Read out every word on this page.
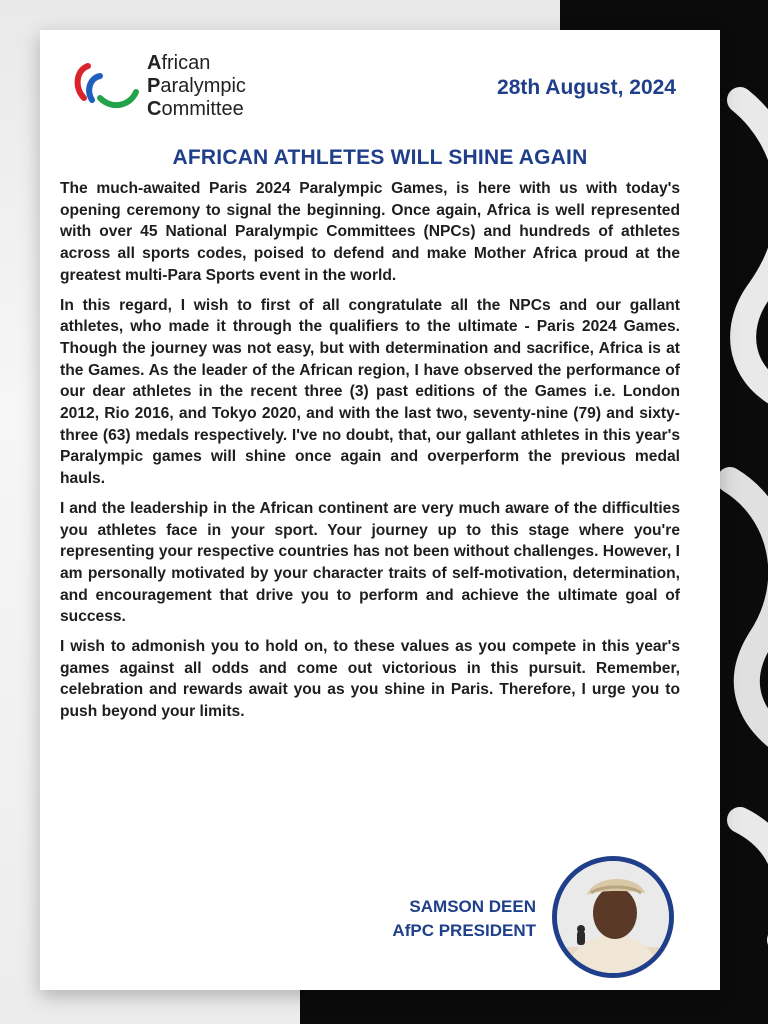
African
Paralympic
Committee
28th August, 2024
AFRICAN ATHLETES WILL SHINE AGAIN

The much-awaited Paris 2024 Paralympic Games, is here with us with today's opening ceremony to signal the beginning. Once again, Africa is well represented with over 45 National Paralympic Committees (NPCs) and hundreds of athletes across all sports codes, poised to defend and make Mother Africa proud at the greatest multi-Para Sports event in the world.

In this regard, I wish to first of all congratulate all the NPCs and our gallant athletes, who made it through the qualifiers to the ultimate - Paris 2024 Games. Though the journey was not easy, but with determination and sacrifice, Africa is at the Games. As the leader of the African region, I have observed the performance of our dear athletes in the recent three (3) past editions of the Games i.e. London 2012, Rio 2016, and Tokyo 2020, and with the last two, seventy-nine (79) and sixty-three (63) medals respectively. I've no doubt, that, our gallant athletes in this year's Paralympic games will shine once again and overperform the previous medal hauls.

I and the leadership in the African continent are very much aware of the difficulties you athletes face in your sport. Your journey up to this stage where you're representing your respective countries has not been without challenges. However, I am personally motivated by your character traits of self-motivation, determination, and encouragement that drive you to perform and achieve the ultimate goal of success.

I wish to admonish you to hold on, to these values as you compete in this year's games against all odds and come out victorious in this pursuit. Remember, celebration and rewards await you as you shine in Paris. Therefore, I urge you to push beyond your limits.

SAMSON DEEN
AfPC PRESIDENT
